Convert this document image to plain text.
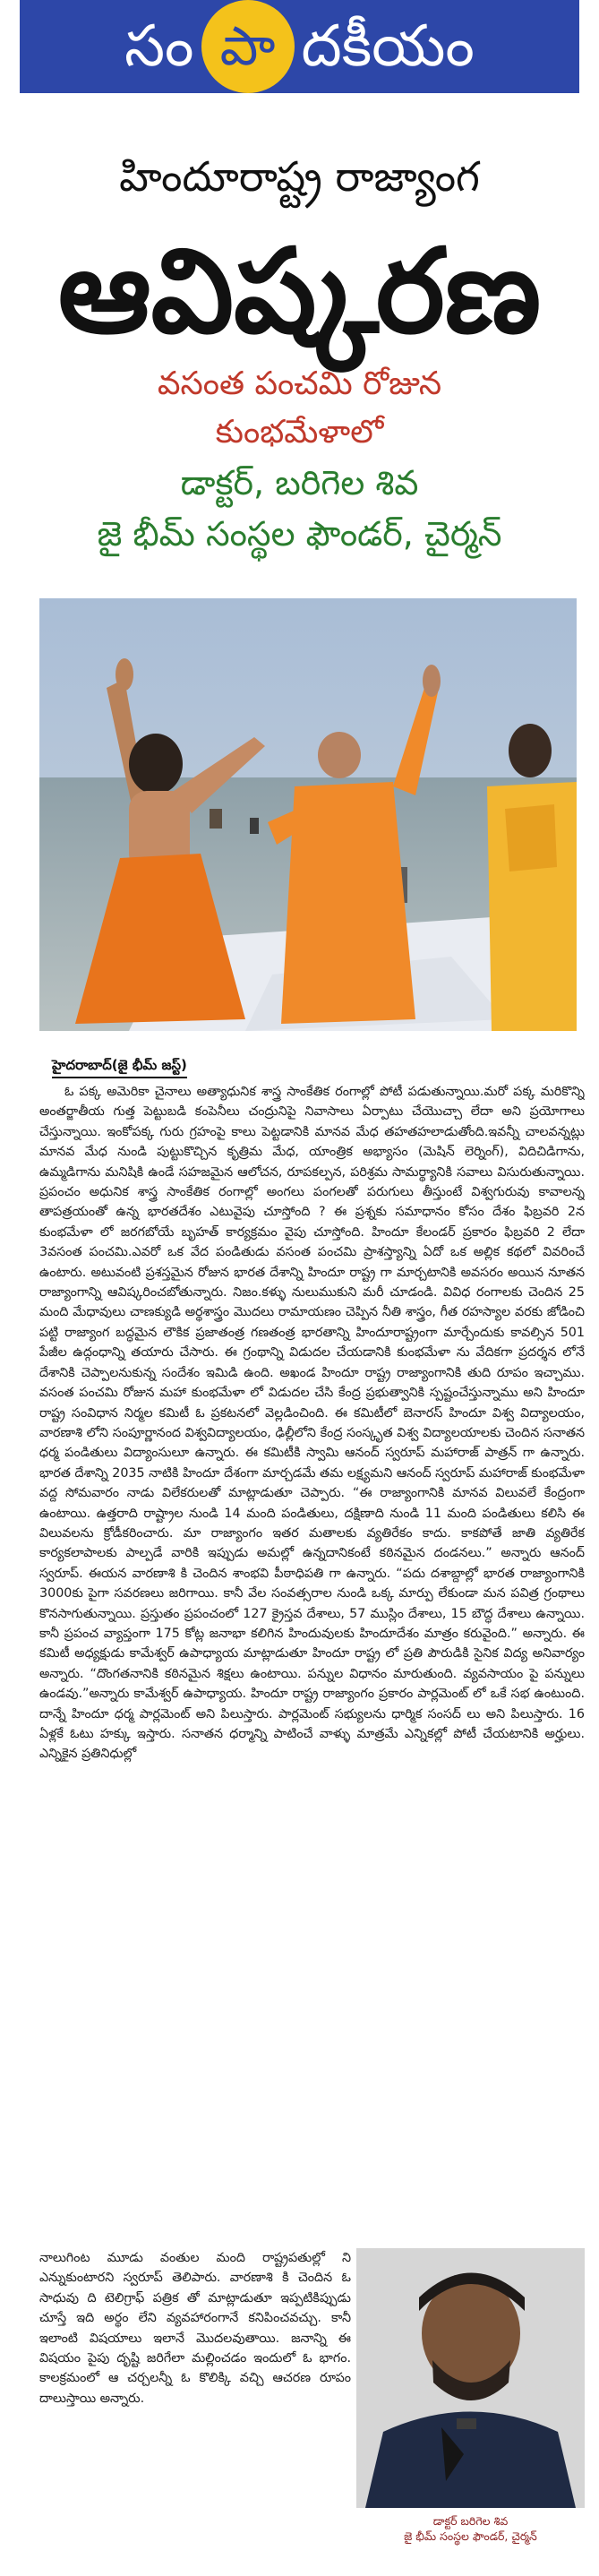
సం పా దకీయం
హిందూరాష్ట్ర రాజ్యాంగ
ఆవిష్కరణ
వసంత పంచమి రోజున
కుంభమేళాలో
డాక్టర్, బరిగెల శివ
జై భీమ్ సంస్థల ఫౌండర్, చైర్మన్
హైదరాబాద్(జై భీమ్ జస్ట్)

ఓ పక్క అమెరికా చైనాలు అత్యాధునిక శాస్త్ర సాంకేతిక రంగాల్లో పోటీ పడుతున్నాయి.మరో పక్క మరికొన్ని అంతర్జాతీయ గుత్త పెట్టుబడి కంపెనీలు చంద్రునిపై నివాసాలు ఏర్పాటు చేయొచ్చా లేదా అని ప్రయోగాలు చేస్తున్నాయి. ఇంకోపక్క గురు గ్రహంపై కాలు పెట్టడానికి మానవ మేధ తహతహలాడుతోంది.ఇవన్నీ చాలవన్నట్లు మానవ మేధ నుండి పుట్టుకొచ్చిన కృత్రిమ మేధ, యాంత్రిక అభ్యాసం (మెషిన్ లెర్నింగ్), విదిచిడిగాను, ఉమ్మడిగాను మనిషికి ఉండే సహజమైన ఆలోచన, రూపకల్పన, పరిశ్రమ సామర్థ్యానికి సవాలు విసురుతున్నాయి. ప్రపంచం అధునిక శాస్త్ర సాంకేతిక రంగాల్లో అంగలు పంగలతో పరుగులు తీస్తుంటే విశ్వగురువు కావాలన్న తాపత్రయంతో ఉన్న భారతదేశం ఎటువైపు చూస్తోంది ? ఈ ప్రశ్నకు సమాధానం కోసం దేశం ఫిబ్రవరి 2న కుంభమేళా లో జరగబోయే బృహత్ కార్యక్రమం వైపు చూస్తోంది. హిందూ కేలండర్ ప్రకారం ఫిబ్రవరి 2 లేదా 3వసంత పంచమి.ఎవరో ఒక వేద పండితుడు వసంత పంచమి ప్రాశస్త్యాన్ని ఏదో ఒక అల్లిక కథలో వివరించే ఉంటారు. అటువంటి ప్రశస్తమైన రోజున భారత దేశాన్ని హిందూ రాష్ట్ర గా మార్చటానికి అవసరం అయిన నూతన రాజ్యాంగాన్ని ఆవిష్కరించబోతున్నారు. నిజం.కళ్ళు నులుముకుని మరీ చూడండి. వివిధ రంగాలకు చెందిన 25 మంది మేధావులు చాణక్యుడి అర్థశాస్త్రం మొదలు రామాయణం చెప్పిన నీతి శాస్త్రం, గీత రహస్యాల వరకు జోడించి పట్టి రాజ్యాంగ బద్ధమైన లౌకిక ప్రజాతంత్ర గణతంత్ర భారతాన్ని హిందూరాష్ట్రంగా మార్చేందుకు కావల్సిన 501 పేజీల ఉద్గంధాన్ని తయారు చేసారు. ఈ గ్రంథాన్ని విడుదల చేయడానికి కుంభమేళా ను వేదికగా ప్రదర్శన లోనే దేశానికి చెప్పాలనుకున్న సందేశం ఇమిడి ఉంది. అఖండ హిందూ రాష్ట్ర రాజ్యాంగానికి తుది రూపం ఇచ్చాము. వసంత పంచమి రోజున మహా కుంభమేళా లో విడుదల చేసి కేంద్ర ప్రభుత్వానికి స్పష్టంచేస్తున్నాము అని హిందూ రాష్ట్ర సంవిధాన నిర్మల కమిటీ ఓ ప్రకటనలో వెల్లడించింది. ఈ కమిటీలో బెనారస్ హిందూ విశ్వ విద్యాలయం, వారణాశి లోని సంపూర్ణానంద విశ్వవిద్యాలయం, ఢిల్లీలోని కేంద్ర సంస్కృత విశ్వ విద్యాలయాలకు చెందిన సనాతన ధర్మ పండితులు విద్యాంసులూ ఉన్నారు. ఈ కమిటీకి స్వామి ఆనంద్ స్వరూప్ మహారాజ్ పాత్రన్ గా ఉన్నారు. భారత దేశాన్ని 2035 నాటికి హిందూ దేశంగా మార్చడమే తమ లక్ష్యమని ఆనంద్ స్వరూప్ మహారాజ్ కుంభమేళా వద్ద సోమవారం నాడు విలేకరులతో మాట్లాడుతూ చెప్పారు. “ఈ రాజ్యాంగానికి మానవ విలువలే కేంద్రంగా ఉంటాయి. ఉత్తరాది రాష్ట్రాల నుండి 14 మంది పండితులు, దక్షిణాది నుండి 11 మంది పండితులు కలిసి ఈ విలువలను క్రోడీకరించారు. మా రాజ్యాంగం ఇతర మతాలకు వ్యతిరేకం కాదు. కాకపోతే జాతి వ్యతిరేక కార్యకలాపాలకు పాల్పడే వారికి ఇప్పుడు అమల్లో ఉన్నదానికంటే కఠినమైన దండనలు.” అన్నారు ఆనంద్ స్వరూప్. ఈయన వారణాశి కి చెందిన శాంభవి పీఠాధిపతి గా ఉన్నారు. “పదు దశాబ్దాల్లో భారత రాజ్యాంగానికి 3000కు పైగా సవరణలు జరిగాయి. కానీ వేల సంవత్సరాల నుండి ఒక్క మార్పు లేకుండా మన పవిత్ర గ్రంథాలు కొనసాగుతున్నాయి. ప్రస్తుతం ప్రపంచంలో 127 క్రైస్తవ దేశాలు, 57 ముస్లిం దేశాలు, 15 బౌద్ధ దేశాలు ఉన్నాయి. కానీ ప్రపంచ వ్యాప్తంగా 175 కోట్ల జనాభా కలిగిన హిందువులకు హిందూదేశం మాత్రం కరువైంది.” అన్నారు. ఈ కమిటీ అధ్యక్షుడు కామేశ్వర్ ఉపాధ్యాయ మాట్లాడుతూ హిందూ రాష్ట్ర లో ప్రతి పౌరుడికి సైనిక విద్య అనివార్యం అన్నారు. “దొంగతనానికి కఠినమైన శిక్షలు ఉంటాయి. పన్నుల విధానం మారుతుంది. వ్యవసాయం పై పన్నులు ఉండవు.”అన్నారు కామేశ్వర్ ఉపాధ్యాయ. హిందూ రాష్ట్ర రాజ్యాంగం ప్రకారం పార్లమెంట్ లో ఒకే సభ ఉంటుంది. దాన్నే హిందూ ధర్మ పార్లమెంట్ అని పిలుస్తారు. పార్లమెంట్ సభ్యులను ధార్మిక సంసద్ లు అని పిలుస్తారు. 16 ఏళ్లకే ఓటు హక్కు ఇస్తారు. సనాతన ధర్మాన్ని పాటించే వాళ్ళు మాత్రమే ఎన్నికల్లో పోటీ చేయటానికి అర్హులు. ఎన్నికైన ప్రతినిధుల్లో

నాలుగింట మూడు వంతుల మంది రాష్ట్రపతుల్లో ని ఎన్నుకుంటారని స్వరూప్ తెలిపారు. వారణాశి కి చెందిన ఓ సాధువు ది టెలిగ్రాఫ్ పత్రిక తో మాట్లాడుతూ ఇప్పటికిప్పుడు చూస్తే ఇది అర్థం లేని వ్యవహారంగానే కనిపించవచ్చు. కానీ ఇలాంటి విషయాలు ఇలానే మొదలవుతాయి. జనాన్ని ఈ విషయం పైపు దృష్టి జరిగేలా మల్లించడం ఇందులో ఓ భాగం. కాలక్రమంలో ఆ చర్చలన్నీ ఓ కొలిక్కి వచ్చి ఆచరణ రూపం దాలుస్తాయి అన్నారు.

డాక్టర్ బరిగెల శివ
జై భీమ్ సంస్థల ఫౌండర్, చైర్మన్
